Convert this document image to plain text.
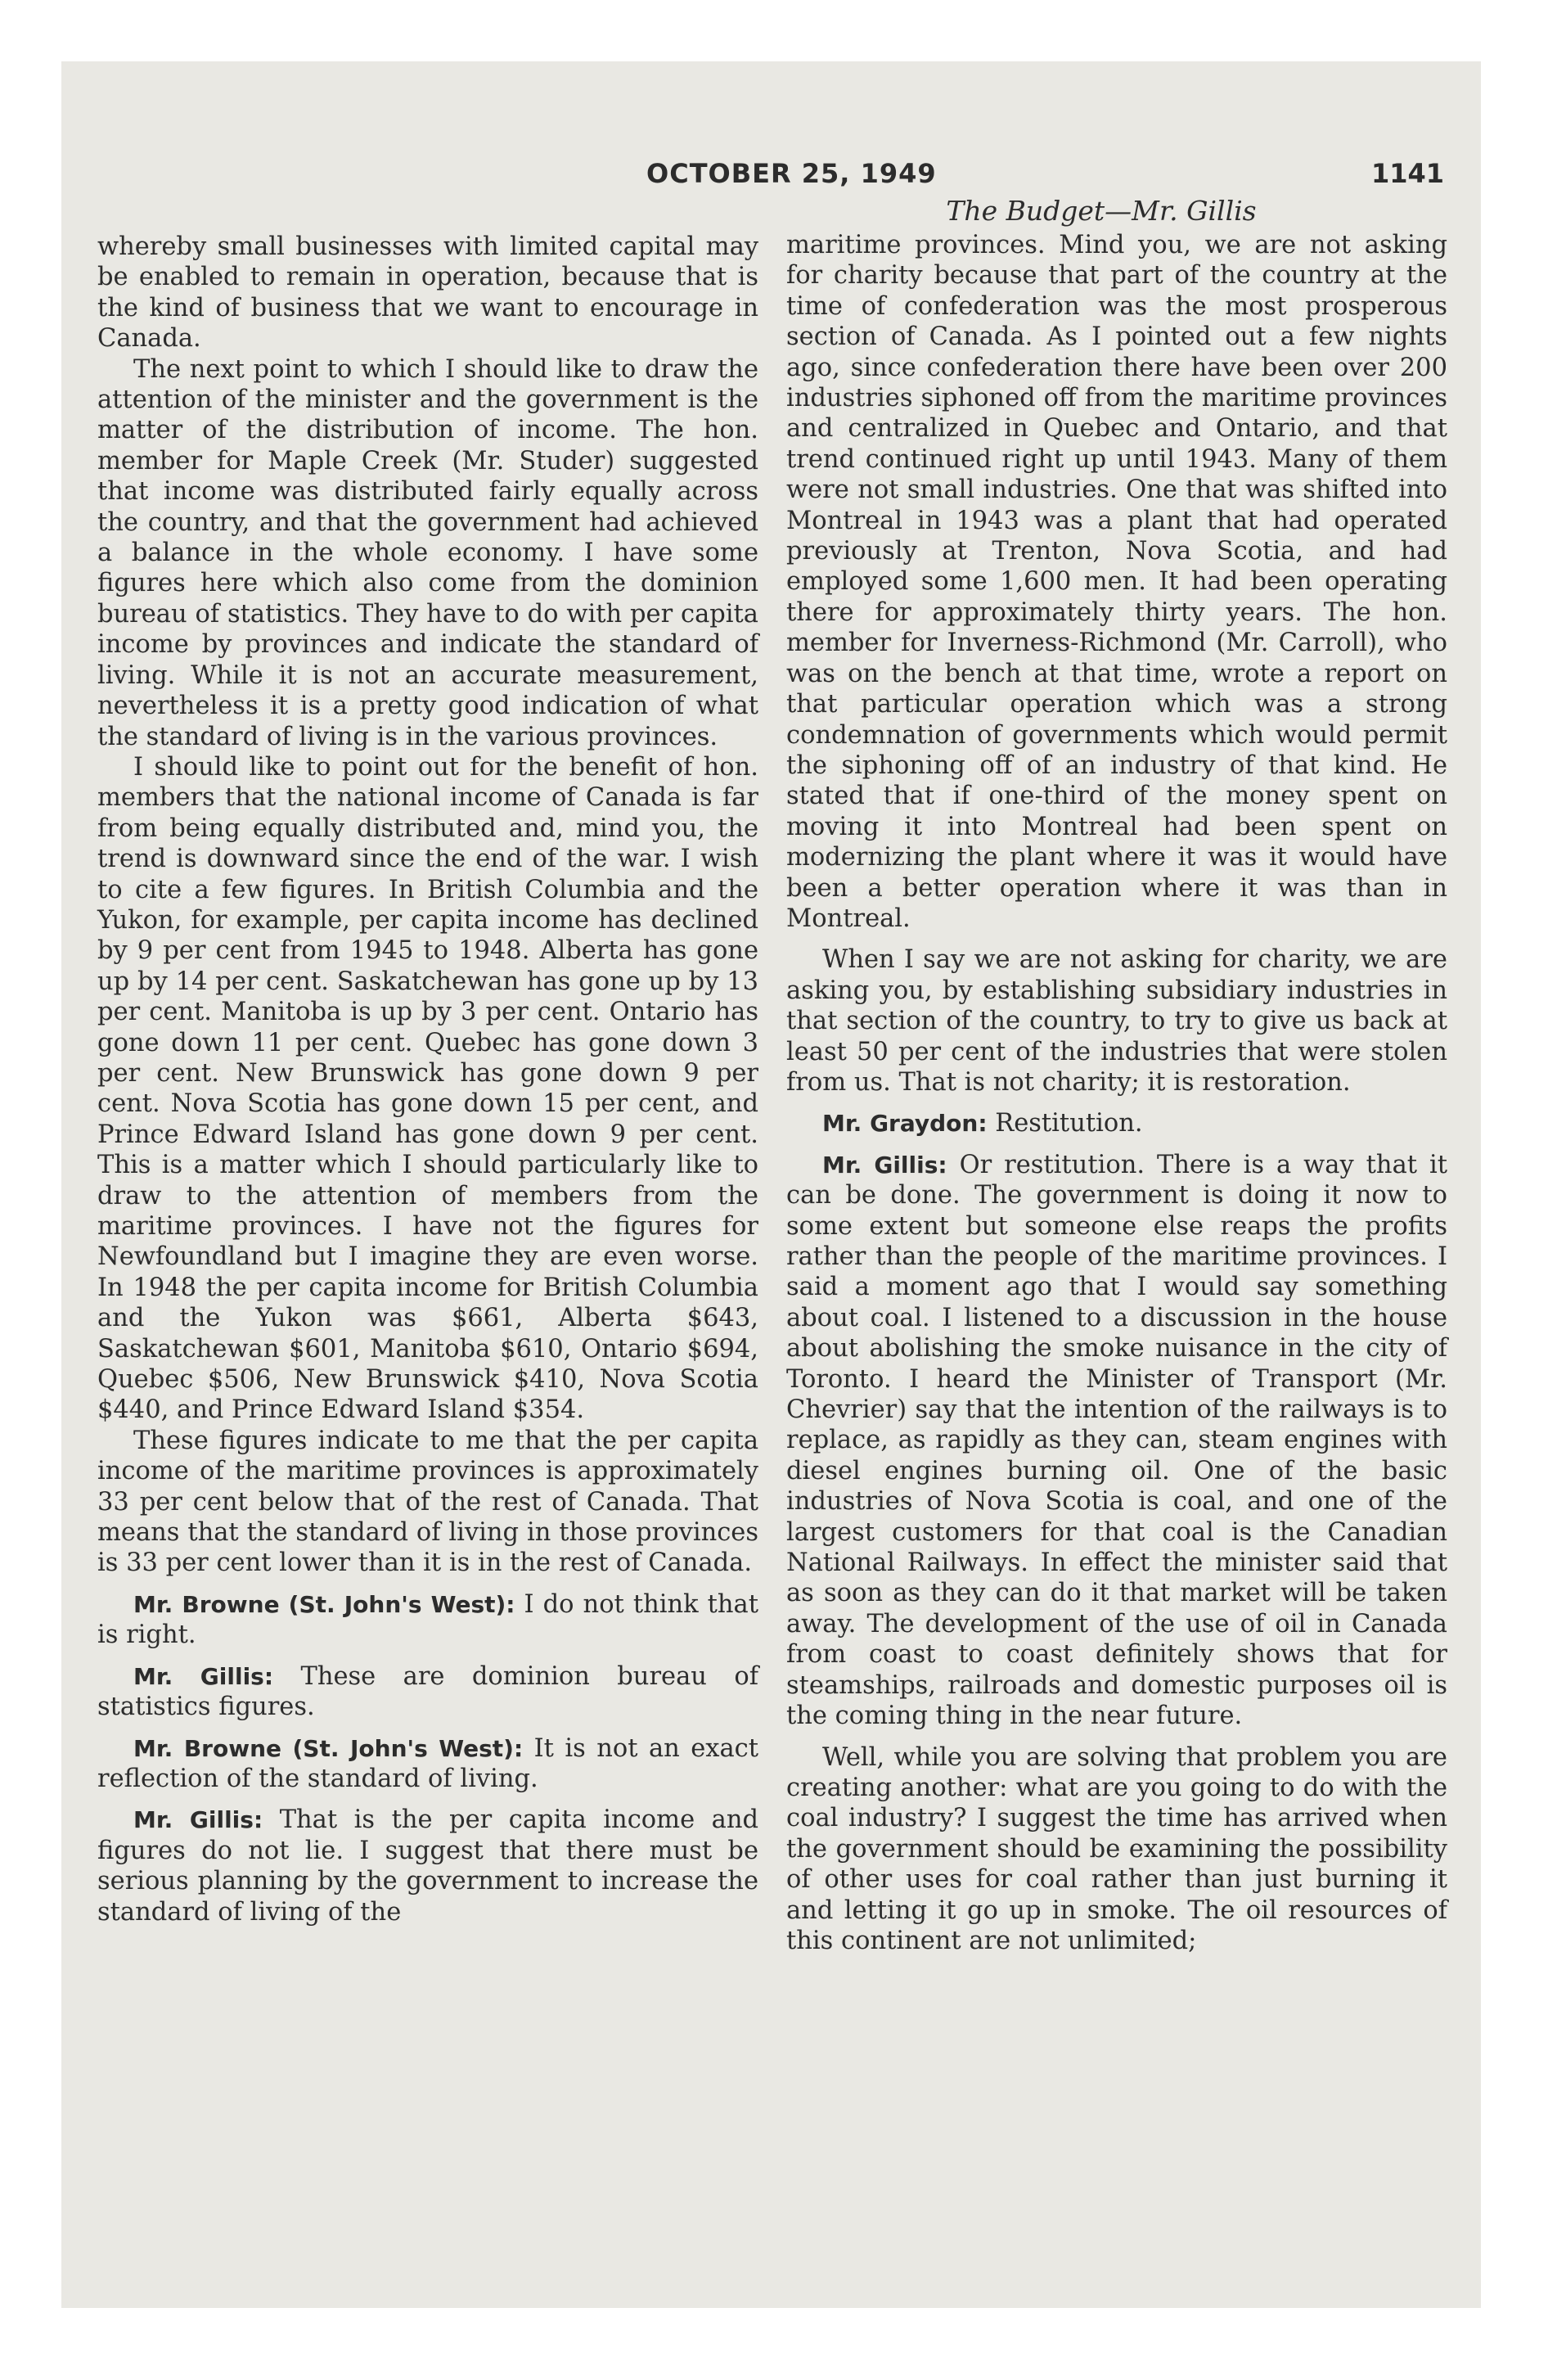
OCTOBER 25, 1949	1141
The Budget—Mr. Gillis

whereby small businesses with limited capital may be enabled to remain in operation, because that is the kind of business that we want to encourage in Canada.

The next point to which I should like to draw the attention of the minister and the government is the matter of the distribution of income. The hon. member for Maple Creek (Mr. Studer) suggested that income was distributed fairly equally across the country, and that the government had achieved a balance in the whole economy. I have some figures here which also come from the dominion bureau of statistics. They have to do with per capita income by provinces and indicate the standard of living. While it is not an accurate measurement, nevertheless it is a pretty good indication of what the standard of living is in the various provinces.

I should like to point out for the benefit of hon. members that the national income of Canada is far from being equally distributed and, mind you, the trend is downward since the end of the war. I wish to cite a few figures. In British Columbia and the Yukon, for example, per capita income has declined by 9 per cent from 1945 to 1948. Alberta has gone up by 14 per cent. Saskatchewan has gone up by 13 per cent. Manitoba is up by 3 per cent. Ontario has gone down 11 per cent. Quebec has gone down 3 per cent. New Brunswick has gone down 9 per cent. Nova Scotia has gone down 15 per cent, and Prince Edward Island has gone down 9 per cent. This is a matter which I should particularly like to draw to the attention of members from the maritime provinces. I have not the figures for Newfoundland but I imagine they are even worse. In 1948 the per capita income for British Columbia and the Yukon was $661, Alberta $643, Saskatchewan $601, Manitoba $610, Ontario $694, Quebec $506, New Brunswick $410, Nova Scotia $440, and Prince Edward Island $354.

These figures indicate to me that the per capita income of the maritime provinces is approximately 33 per cent below that of the rest of Canada. That means that the standard of living in those provinces is 33 per cent lower than it is in the rest of Canada.

Mr. Browne (St. John's West): I do not think that is right.

Mr. Gillis: These are dominion bureau of statistics figures.

Mr. Browne (St. John's West): It is not an exact reflection of the standard of living.

Mr. Gillis: That is the per capita income and figures do not lie. I suggest that there must be serious planning by the government to increase the standard of living of the

maritime provinces. Mind you, we are not asking for charity because that part of the country at the time of confederation was the most prosperous section of Canada. As I pointed out a few nights ago, since confederation there have been over 200 industries siphoned off from the maritime provinces and centralized in Quebec and Ontario, and that trend continued right up until 1943. Many of them were not small industries. One that was shifted into Montreal in 1943 was a plant that had operated previously at Trenton, Nova Scotia, and had employed some 1,600 men. It had been operating there for approximately thirty years. The hon. member for Inverness-Richmond (Mr. Carroll), who was on the bench at that time, wrote a report on that particular operation which was a strong condemnation of governments which would permit the siphoning off of an industry of that kind. He stated that if one-third of the money spent on moving it into Montreal had been spent on modernizing the plant where it was it would have been a better operation where it was than in Montreal.

When I say we are not asking for charity, we are asking you, by establishing subsidiary industries in that section of the country, to try to give us back at least 50 per cent of the industries that were stolen from us. That is not charity; it is restoration.

Mr. Graydon: Restitution.

Mr. Gillis: Or restitution. There is a way that it can be done. The government is doing it now to some extent but someone else reaps the profits rather than the people of the maritime provinces. I said a moment ago that I would say something about coal. I listened to a discussion in the house about abolishing the smoke nuisance in the city of Toronto. I heard the Minister of Transport (Mr. Chevrier) say that the intention of the railways is to replace, as rapidly as they can, steam engines with diesel engines burning oil. One of the basic industries of Nova Scotia is coal, and one of the largest customers for that coal is the Canadian National Railways. In effect the minister said that as soon as they can do it that market will be taken away. The development of the use of oil in Canada from coast to coast definitely shows that for steamships, railroads and domestic purposes oil is the coming thing in the near future.

Well, while you are solving that problem you are creating another: what are you going to do with the coal industry? I suggest the time has arrived when the government should be examining the possibility of other uses for coal rather than just burning it and letting it go up in smoke. The oil resources of this continent are not unlimited;
